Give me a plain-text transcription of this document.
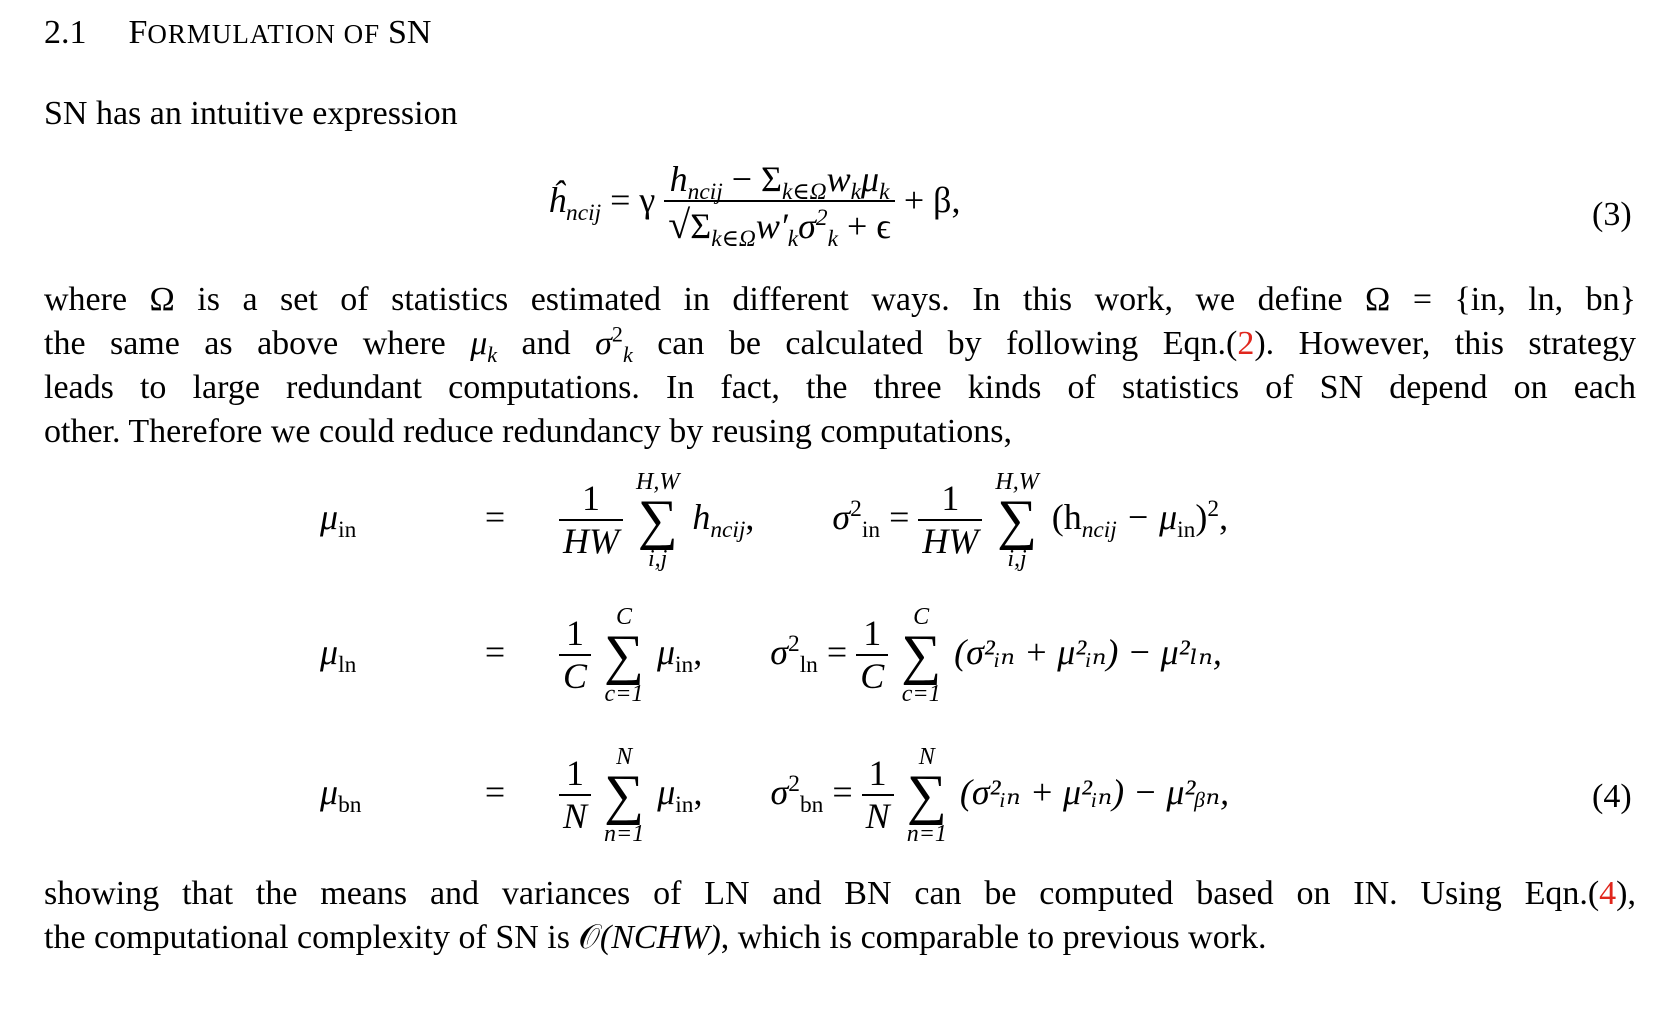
2.1 FORMULATION OF SN
SN has an intuitive expression
$ĥ_{ncij} = \gamma \frac{h_{ncij} - \Sigma_{k\in\Omega}w_k\mu_k}{√\Sigma_{k\in\Omega}w'_k\sigma^2_k + \epsilon} + \beta$,	(3)
where Ω is a set of statistics estimated in different ways. In this work, we define Ω = {in, ln, bn}
the same as above where $\mu_k$ and $\sigma^2_k$ can be calculated by following Eqn.(2). However, this strategy
leads to large redundant computations. In fact, the three kinds of statistics of SN depend on each
other. Therefore we could reduce redundancy by reusing computations,
$\mu_{in}$	= $\frac{1}{HW}$
H,W
∑
i,j
$h_{ncij}$, $\sigma^2_{in} = \frac{1}{HW}$
H,W
∑
i,j
$(h_{ncij} - \mu_{in})^2$,
$\mu_{ln}$	= $\frac{1}{C}$
C
∑
c=1
$\mu_{in}$, $\sigma^2_{ln} = \frac{1}{C}$
C
∑
c=1
(σ²ᵢₙ + μ²ᵢₙ) − μ²ₗₙ,
$\mu_{bn}$	= $\frac{1}{N}$
N
∑
n=1
$\mu_{in}$, $\sigma^2_{bn} = \frac{1}{N}$
N
∑
n=1
(σ²ᵢₙ + μ²ᵢₙ) − μ²ᵦₙ,	(4)
showing that the means and variances of LN and BN can be computed based on IN. Using Eqn.(4),
the computational complexity of SN is 𝒪(NCHW), which is comparable to previous work.
